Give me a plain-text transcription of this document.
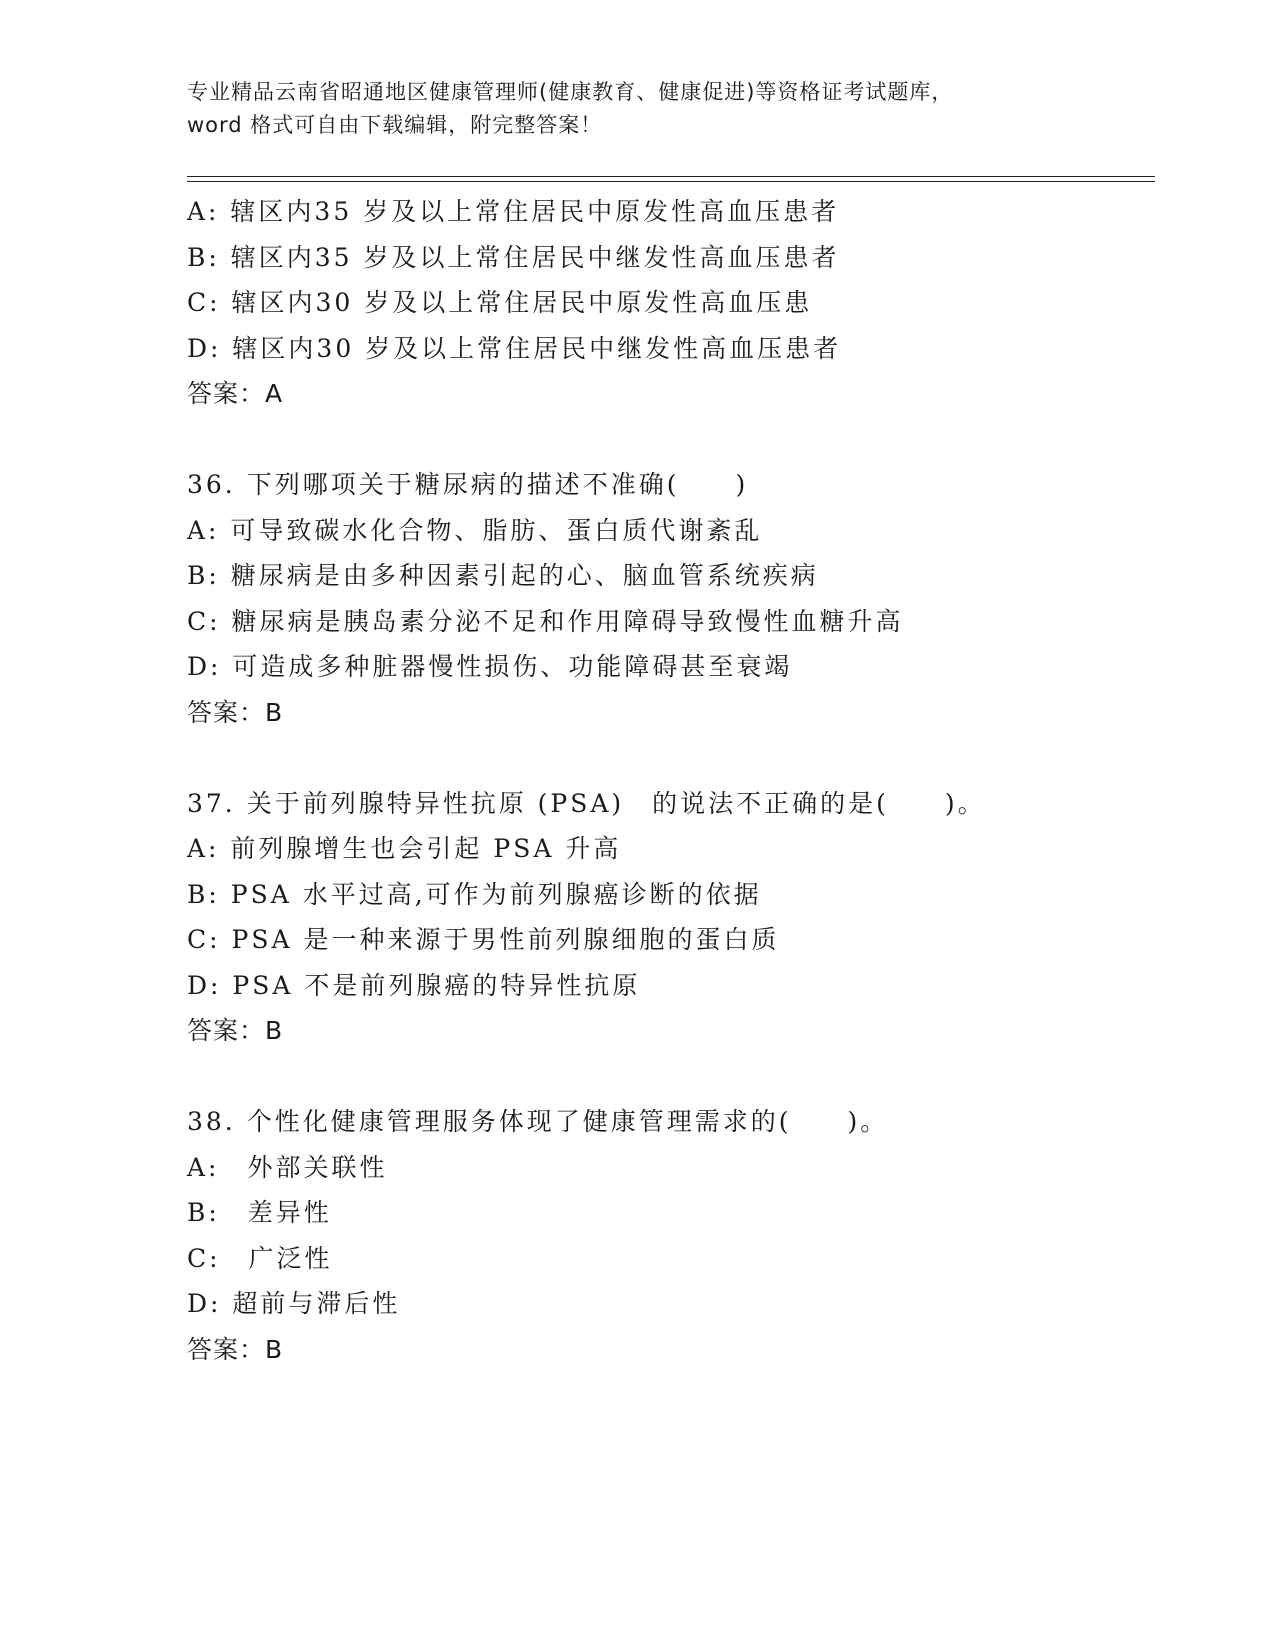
专业精品云南省昭通地区健康管理师(健康教育、健康促进)等资格证考试题库，
word 格式可自由下载编辑，附完整答案！
A: 辖区内35 岁及以上常住居民中原发性高血压患者
B: 辖区内35 岁及以上常住居民中继发性高血压患者
C: 辖区内30 岁及以上常住居民中原发性高血压患
D: 辖区内30 岁及以上常住居民中继发性高血压患者
答案：A
36. 下列哪项关于糖尿病的描述不准确(　　)
A: 可导致碳水化合物、脂肪、蛋白质代谢紊乱
B: 糖尿病是由多种因素引起的心、脑血管系统疾病
C: 糖尿病是胰岛素分泌不足和作用障碍导致慢性血糖升高
D: 可造成多种脏器慢性损伤、功能障碍甚至衰竭
答案：B
37. 关于前列腺特异性抗原 (PSA)　的说法不正确的是(　　)。
A: 前列腺增生也会引起 PSA 升高
B: PSA 水平过高,可作为前列腺癌诊断的依据
C: PSA 是一种来源于男性前列腺细胞的蛋白质
D: PSA 不是前列腺癌的特异性抗原
答案：B
38. 个性化健康管理服务体现了健康管理需求的(　　)。
A:　外部关联性
B:　差异性
C:　广泛性
D: 超前与滞后性
答案：B
